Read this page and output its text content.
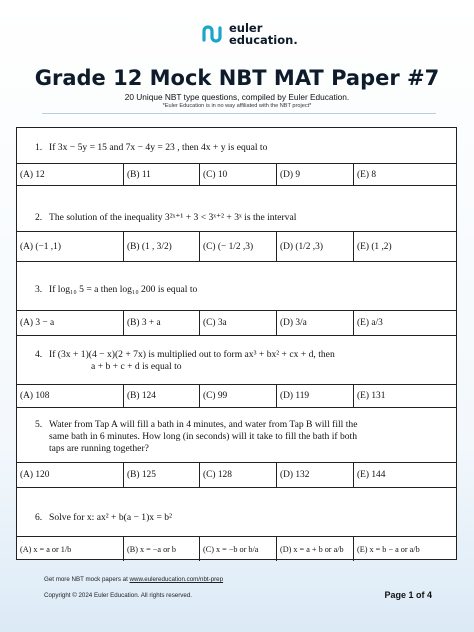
euler
education.
Grade 12 Mock NBT MAT Paper #7
20 Unique NBT type questions, compiled by Euler Education.
*Euler Education is in no way affiliated with the NBT project*
1. If 3x − 5y = 15 and 7x − 4y = 23 , then 4x + y is equal to
(A) 12	(B) 11	(C) 10	(D) 9	(E) 8
2. The solution of the inequality 3²ˣ⁺¹ + 3 < 3ˣ⁺² + 3ˣ is the interval
(A) (−1 ,1)	(B) (1 , 3/2)	(C) (− 1/2 ,3)	(D) (1/2 ,3)	(E) (1 ,2)
3. If log₁₀ 5 = a then log₁₀ 200 is equal to
(A) 3 − a	(B) 3 + a	(C) 3a	(D) 3/a	(E) a/3
4. If (3x + 1)(4 − x)(2 + 7x) is multiplied out to form ax³ + bx² + cx + d, then
a + b + c + d is equal to
(A) 108	(B) 124	(C) 99	(D) 119	(E) 131
5. Water from Tap A will fill a bath in 4 minutes, and water from Tap B will fill the
same bath in 6 minutes. How long (in seconds) will it take to fill the bath if both
taps are running together?
(A) 120	(B) 125	(C) 128	(D) 132	(E) 144
6. Solve for x: ax² + b(a − 1)x = b²
(A) x = a or 1/b	(B) x = −a or b	(C) x = −b or b/a	(D) x = a + b or a/b	(E) x = b − a or a/b
Get more NBT mock papers at www.eulereducation.com/nbt-prep
Copyright © 2024 Euler Education. All rights reserved.	Page 1 of 4
